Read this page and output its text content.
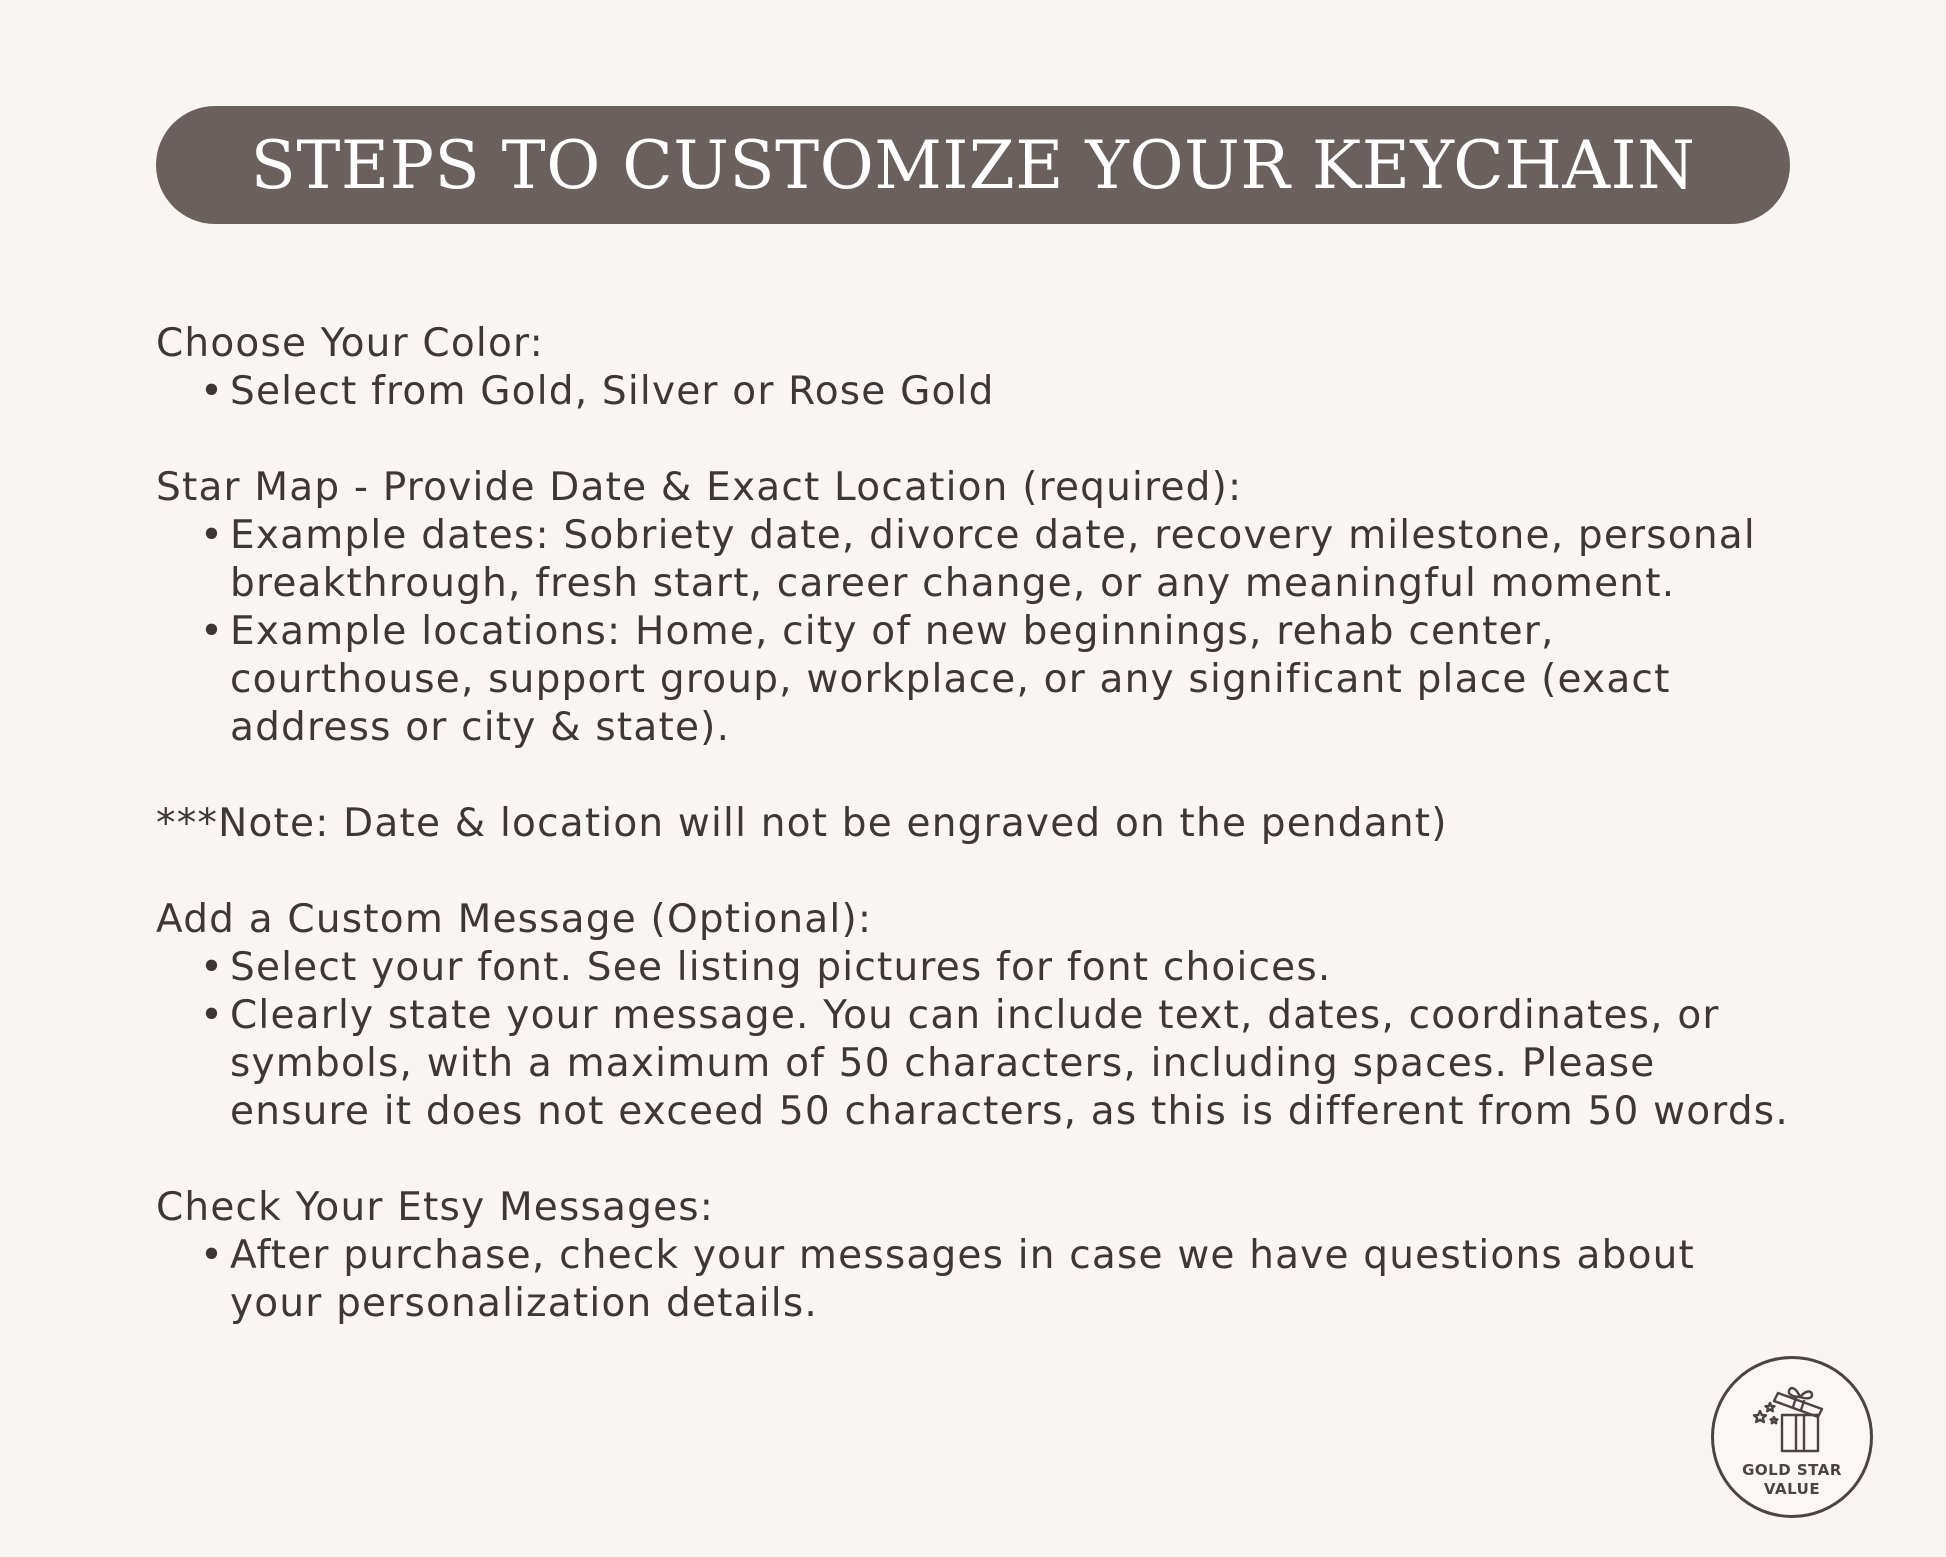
STEPS TO CUSTOMIZE YOUR KEYCHAIN
Choose Your Color:
• Select from Gold, Silver or Rose Gold
Star Map - Provide Date & Exact Location (required):
• Example dates: Sobriety date, divorce date, recovery milestone, personal breakthrough, fresh start, career change, or any meaningful moment.
• Example locations: Home, city of new beginnings, rehab center, courthouse, support group, workplace, or any significant place (exact address or city & state).
***Note: Date & location will not be engraved on the pendant)
Add a Custom Message (Optional):
• Select your font. See listing pictures for font choices.
• Clearly state your message. You can include text, dates, coordinates, or symbols, with a maximum of 50 characters, including spaces. Please ensure it does not exceed 50 characters, as this is different from 50 words.
Check Your Etsy Messages:
• After purchase, check your messages in case we have questions about your personalization details.
GOLD STAR
VALUE
